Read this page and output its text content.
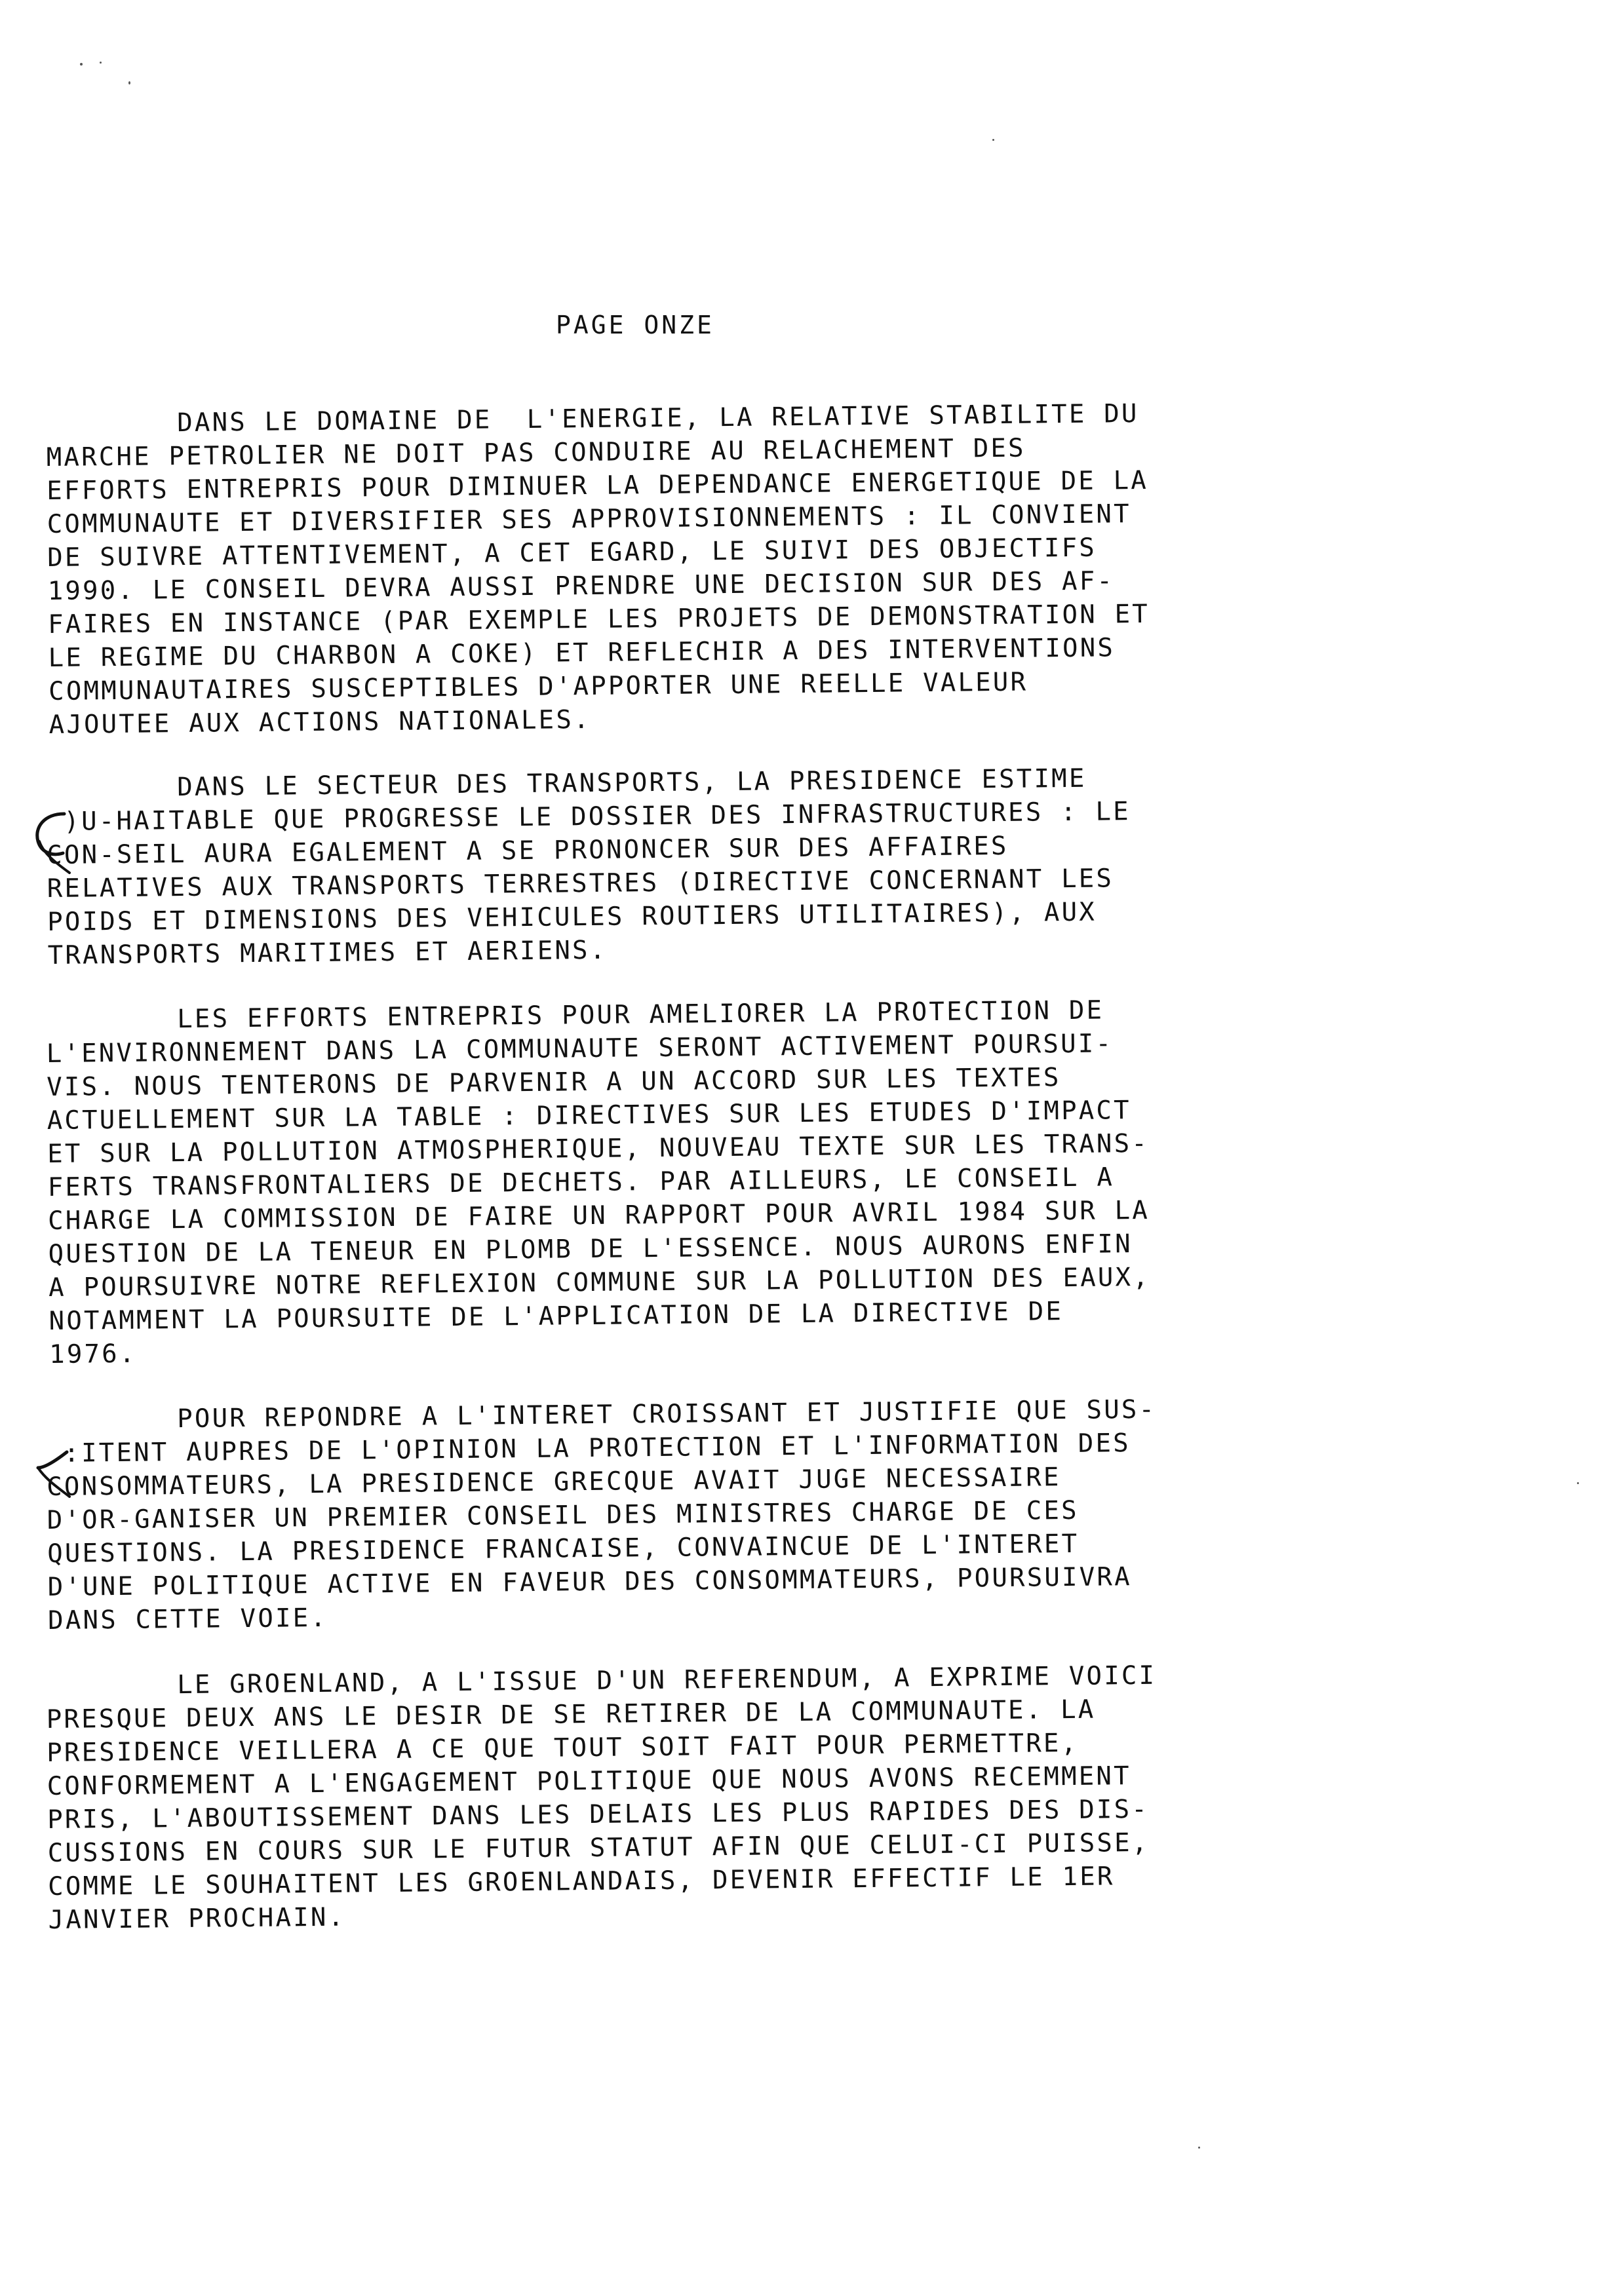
PAGE ONZE
DANS LE DOMAINE DE  L'ENERGIE, LA RELATIVE STABILITE DU
MARCHE PETROLIER NE DOIT PAS CONDUIRE AU RELACHEMENT DES
EFFORTS ENTREPRIS POUR DIMINUER LA DEPENDANCE ENERGETIQUE DE LA
COMMUNAUTE ET DIVERSIFIER SES APPROVISIONNEMENTS : IL CONVIENT
DE SUIVRE ATTENTIVEMENT, A CET EGARD, LE SUIVI DES OBJECTIFS
1990. LE CONSEIL DEVRA AUSSI PRENDRE UNE DECISION SUR DES AF-
FAIRES EN INSTANCE (PAR EXEMPLE LES PROJETS DE DEMONSTRATION ET
LE REGIME DU CHARBON A COKE) ET REFLECHIR A DES INTERVENTIONS
COMMUNAUTAIRES SUSCEPTIBLES D'APPORTER UNE REELLE VALEUR
AJOUTEE AUX ACTIONS NATIONALES.
DANS LE SECTEUR DES TRANSPORTS, LA PRESIDENCE ESTIME
)U-HAITABLE QUE PROGRESSE LE DOSSIER DES INFRASTRUCTURES : LE
CON-SEIL AURA EGALEMENT A SE PRONONCER SUR DES AFFAIRES
RELATIVES AUX TRANSPORTS TERRESTRES (DIRECTIVE CONCERNANT LES
POIDS ET DIMENSIONS DES VEHICULES ROUTIERS UTILITAIRES), AUX
TRANSPORTS MARITIMES ET AERIENS.
LES EFFORTS ENTREPRIS POUR AMELIORER LA PROTECTION DE
L'ENVIRONNEMENT DANS LA COMMUNAUTE SERONT ACTIVEMENT POURSUI-
VIS. NOUS TENTERONS DE PARVENIR A UN ACCORD SUR LES TEXTES
ACTUELLEMENT SUR LA TABLE : DIRECTIVES SUR LES ETUDES D'IMPACT
ET SUR LA POLLUTION ATMOSPHERIQUE, NOUVEAU TEXTE SUR LES TRANS-
FERTS TRANSFRONTALIERS DE DECHETS. PAR AILLEURS, LE CONSEIL A
CHARGE LA COMMISSION DE FAIRE UN RAPPORT POUR AVRIL 1984 SUR LA
QUESTION DE LA TENEUR EN PLOMB DE L'ESSENCE. NOUS AURONS ENFIN
A POURSUIVRE NOTRE REFLEXION COMMUNE SUR LA POLLUTION DES EAUX,
NOTAMMENT LA POURSUITE DE L'APPLICATION DE LA DIRECTIVE DE
1976.
POUR REPONDRE A L'INTERET CROISSANT ET JUSTIFIE QUE SUS-
:ITENT AUPRES DE L'OPINION LA PROTECTION ET L'INFORMATION DES
CONSOMMATEURS, LA PRESIDENCE GRECQUE AVAIT JUGE NECESSAIRE
D'OR-GANISER UN PREMIER CONSEIL DES MINISTRES CHARGE DE CES
QUESTIONS. LA PRESIDENCE FRANCAISE, CONVAINCUE DE L'INTERET
D'UNE POLITIQUE ACTIVE EN FAVEUR DES CONSOMMATEURS, POURSUIVRA
DANS CETTE VOIE.
LE GROENLAND, A L'ISSUE D'UN REFERENDUM, A EXPRIME VOICI
PRESQUE DEUX ANS LE DESIR DE SE RETIRER DE LA COMMUNAUTE. LA
PRESIDENCE VEILLERA A CE QUE TOUT SOIT FAIT POUR PERMETTRE,
CONFORMEMENT A L'ENGAGEMENT POLITIQUE QUE NOUS AVONS RECEMMENT
PRIS, L'ABOUTISSEMENT DANS LES DELAIS LES PLUS RAPIDES DES DIS-
CUSSIONS EN COURS SUR LE FUTUR STATUT AFIN QUE CELUI-CI PUISSE,
COMME LE SOUHAITENT LES GROENLANDAIS, DEVENIR EFFECTIF LE 1ER
JANVIER PROCHAIN.
